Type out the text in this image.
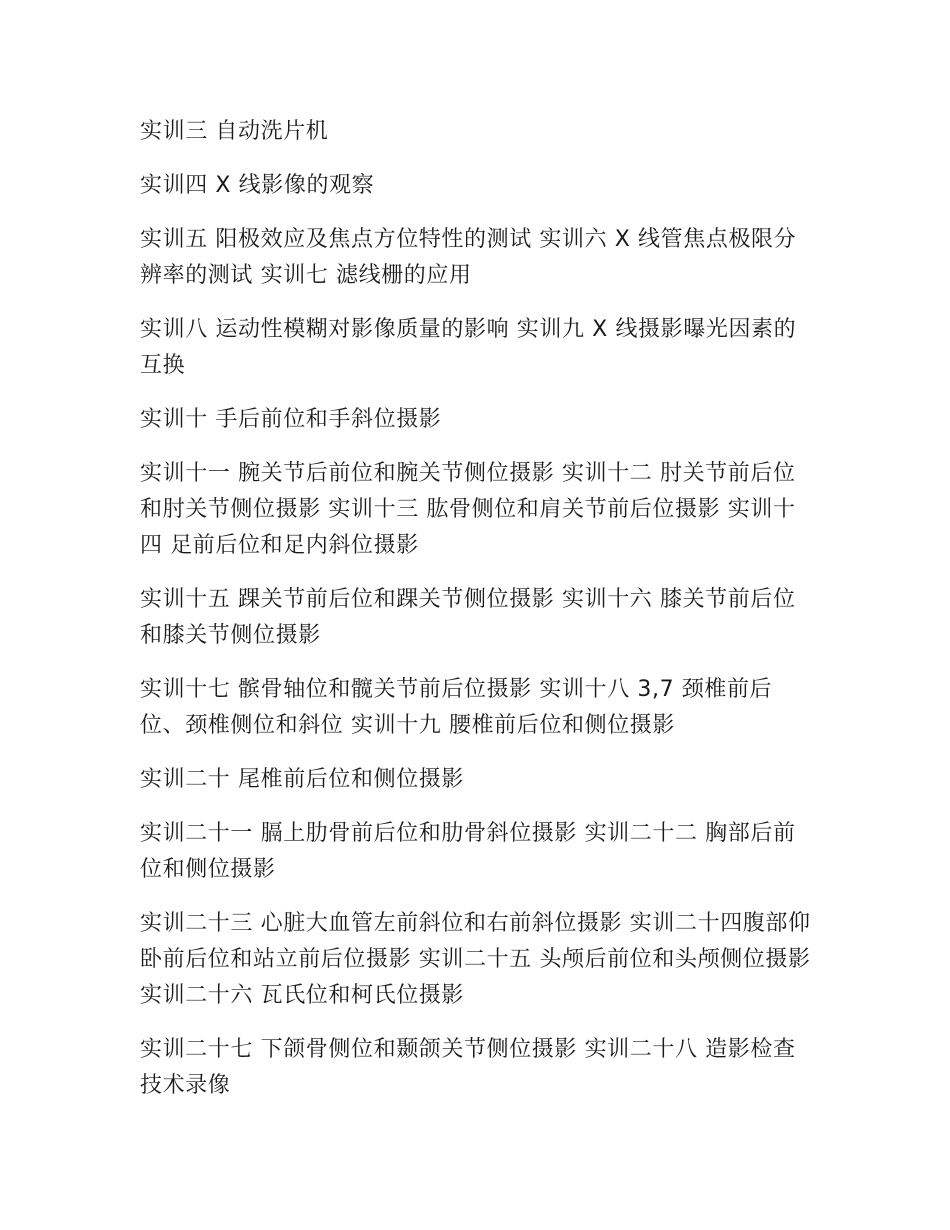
实训三 自动洗片机

实训四 X 线影像的观察

实训五 阳极效应及焦点方位特性的测试 实训六 X 线管焦点极限分辨率的测试 实训七 滤线栅的应用

实训八 运动性模糊对影像质量的影响 实训九 X 线摄影曝光因素的互换

实训十 手后前位和手斜位摄影

实训十一 腕关节后前位和腕关节侧位摄影 实训十二 肘关节前后位和肘关节侧位摄影 实训十三 肱骨侧位和肩关节前后位摄影 实训十四 足前后位和足内斜位摄影

实训十五 踝关节前后位和踝关节侧位摄影 实训十六 膝关节前后位和膝关节侧位摄影

实训十七 髌骨轴位和髋关节前后位摄影 实训十八 3,7 颈椎前后位、颈椎侧位和斜位 实训十九 腰椎前后位和侧位摄影

实训二十 尾椎前后位和侧位摄影

实训二十一 膈上肋骨前后位和肋骨斜位摄影 实训二十二 胸部后前位和侧位摄影

实训二十三 心脏大血管左前斜位和右前斜位摄影 实训二十四腹部仰卧前后位和站立前后位摄影 实训二十五 头颅后前位和头颅侧位摄影 实训二十六 瓦氏位和柯氏位摄影

实训二十七 下颌骨侧位和颞颌关节侧位摄影 实训二十八 造影检查技术录像
